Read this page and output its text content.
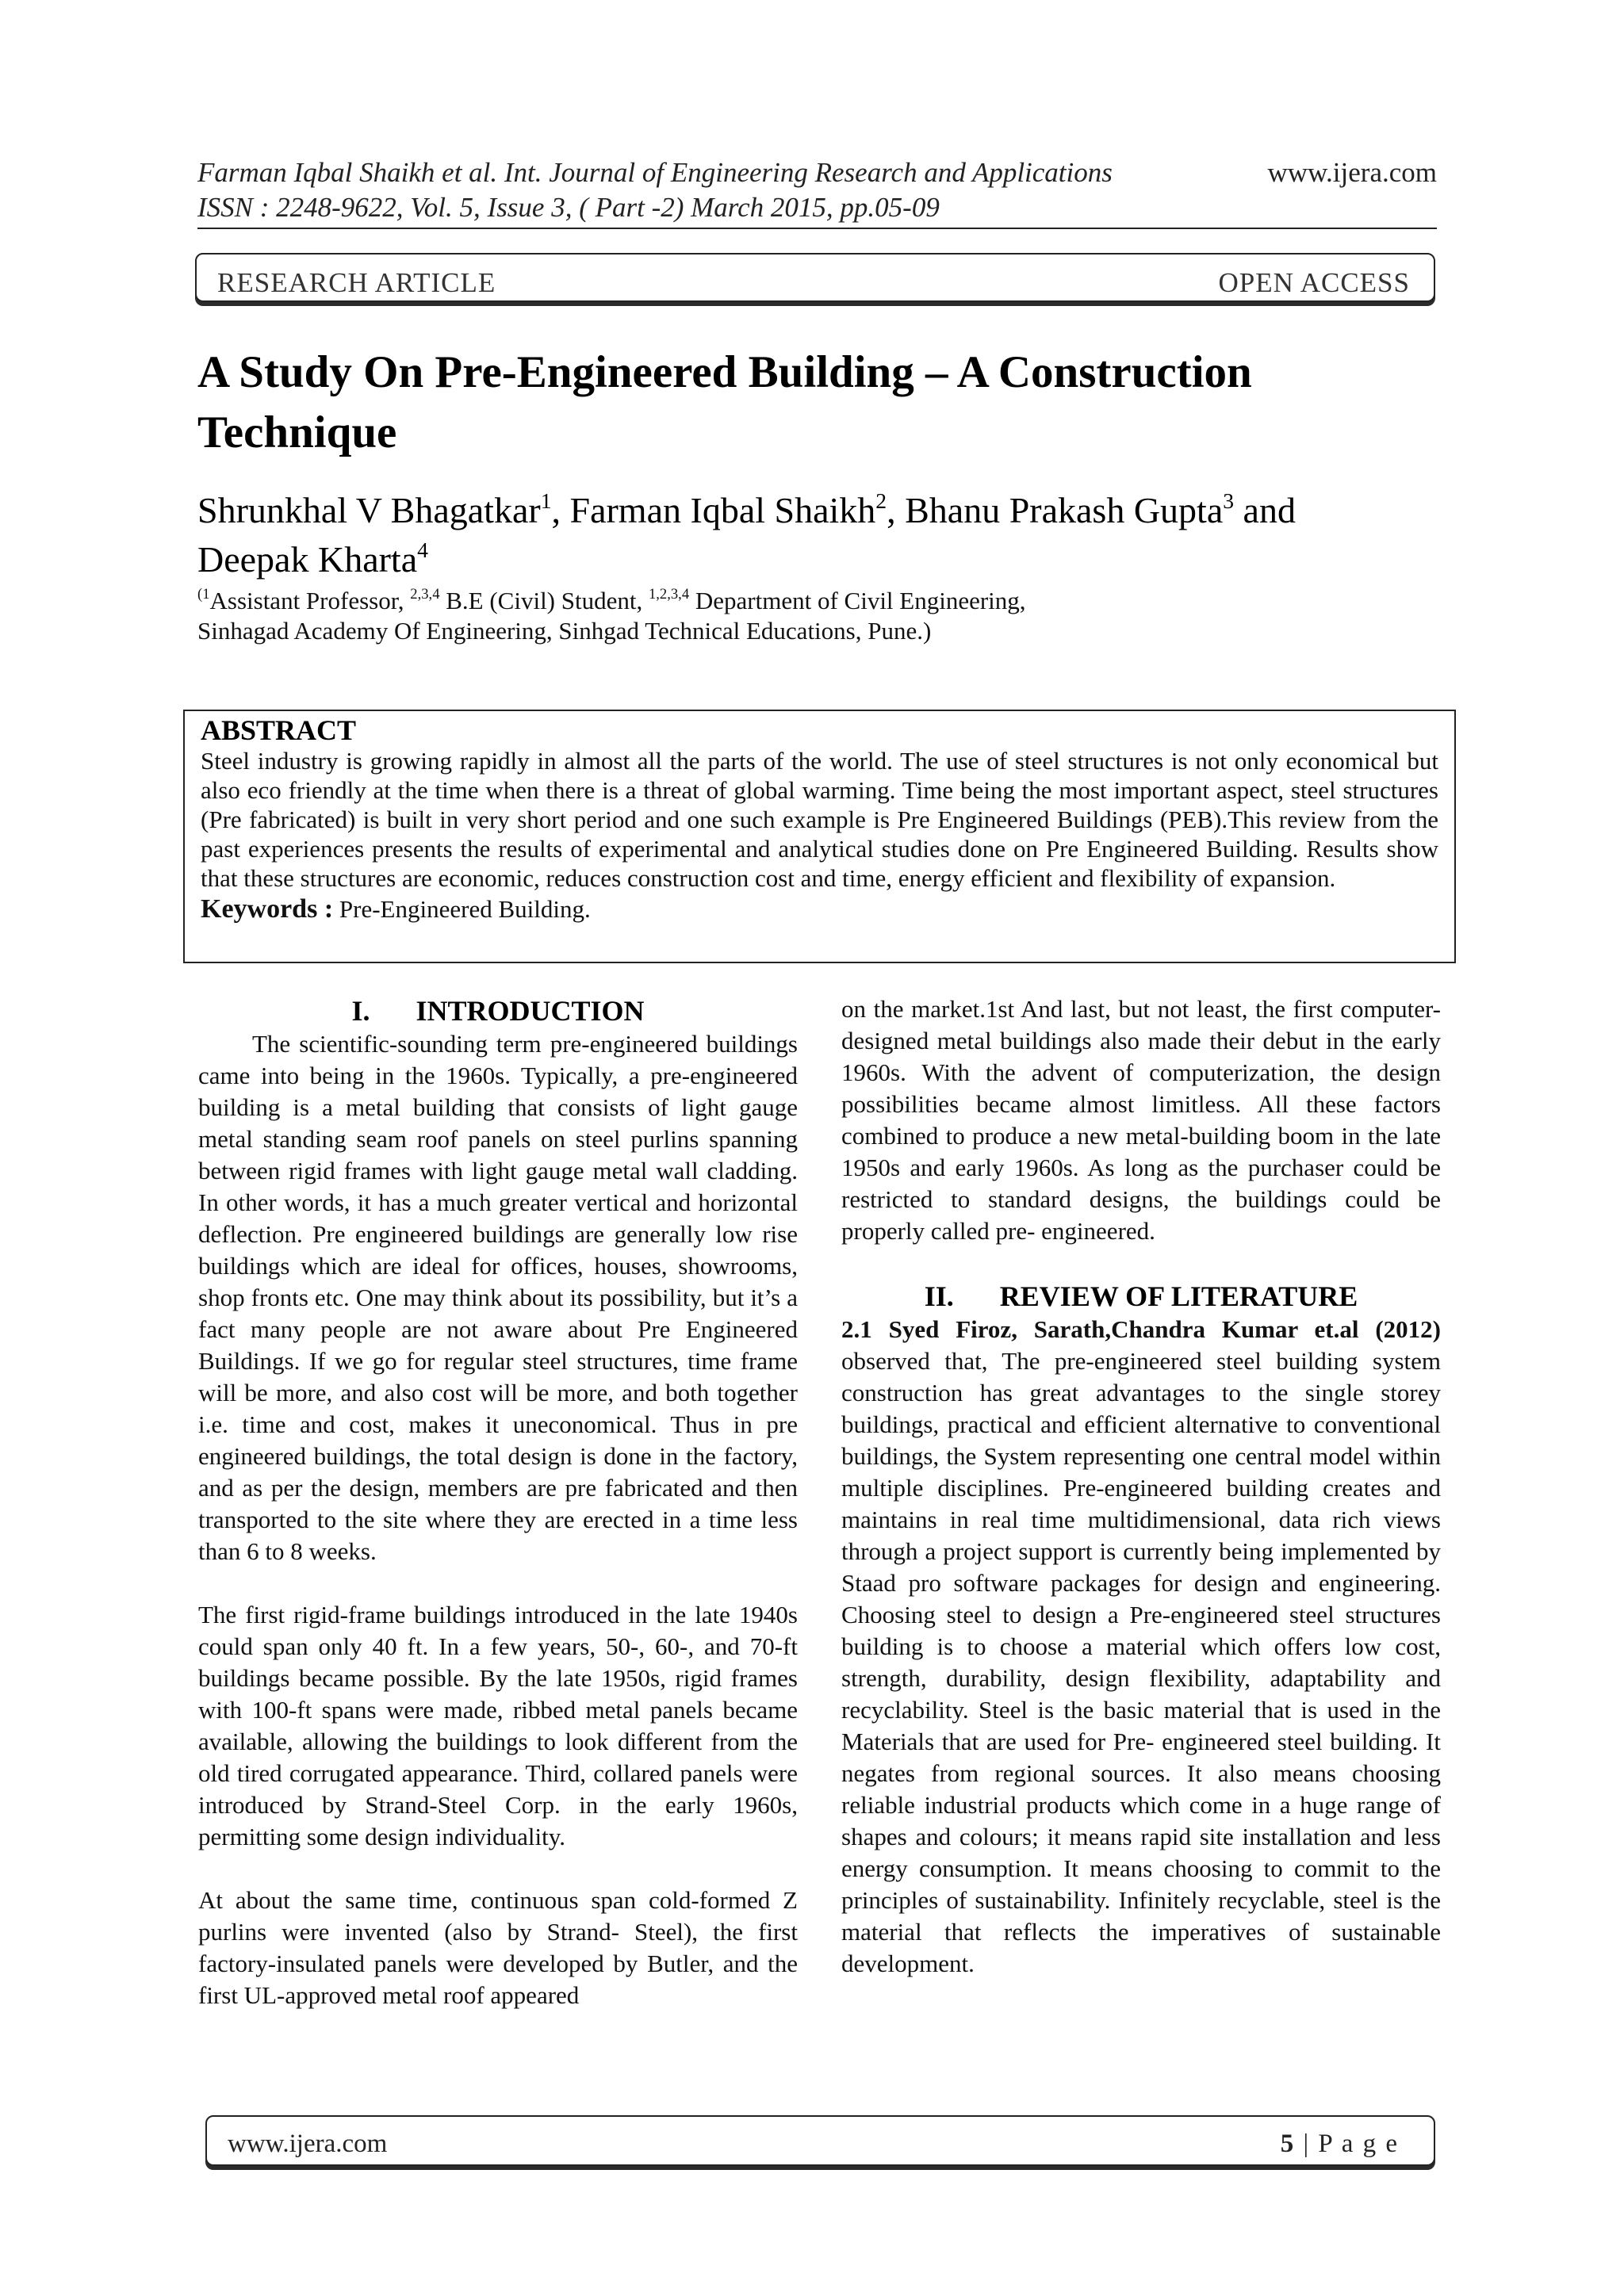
Farman Iqbal Shaikh et al. Int. Journal of Engineering Research and Applications
ISSN : 2248-9622, Vol. 5, Issue 3, ( Part -2) March 2015, pp.05-09
www.ijera.com
RESEARCH ARTICLE	OPEN ACCESS
A Study On Pre-Engineered Building – A Construction Technique
Shrunkhal V Bhagatkar$^1$, Farman Iqbal Shaikh$^2$, Bhanu Prakash Gupta$^3$ and
Deepak Kharta$^4$
$^{(1}$Assistant Professor, $^{2,3,4}$ B.E (Civil) Student, $^{1,2,3,4}$ Department of Civil Engineering,
Sinhagad Academy Of Engineering, Sinhgad Technical Educations, Pune.)
ABSTRACT

Steel industry is growing rapidly in almost all the parts of the world. The use of steel structures is not only economical but also eco friendly at the time when there is a threat of global warming. Time being the most important aspect, steel structures (Pre fabricated) is built in very short period and one such example is Pre Engineered Buildings (PEB).This review from the past experiences presents the results of experimental and analytical studies done on Pre Engineered Building. Results show that these structures are economic, reduces construction cost and time, energy efficient and flexibility of expansion.

Keywords : Pre-Engineered Building.
I. INTRODUCTION

The scientific-sounding term pre-engineered buildings came into being in the 1960s. Typically, a pre-engineered building is a metal building that consists of light gauge metal standing seam roof panels on steel purlins spanning between rigid frames with light gauge metal wall cladding. In other words, it has a much greater vertical and horizontal deflection. Pre engineered buildings are generally low rise buildings which are ideal for offices, houses, showrooms, shop fronts etc. One may think about its possibility, but it’s a fact many people are not aware about Pre Engineered Buildings. If we go for regular steel structures, time frame will be more, and also cost will be more, and both together i.e. time and cost, makes it uneconomical. Thus in pre engineered buildings, the total design is done in the factory, and as per the design, members are pre fabricated and then transported to the site where they are erected in a time less than 6 to 8 weeks.

The first rigid-frame buildings introduced in the late 1940s could span only 40 ft. In a few years, 50-, 60-, and 70-ft buildings became possible. By the late 1950s, rigid frames with 100-ft spans were made, ribbed metal panels became available, allowing the buildings to look different from the old tired corrugated appearance. Third, collared panels were introduced by Strand-Steel Corp. in the early 1960s, permitting some design individuality.

At about the same time, continuous span cold-formed Z purlins were invented (also by Strand- Steel), the first factory-insulated panels were developed by Butler, and the first UL-approved metal roof appeared

on the market.1st And last, but not least, the first computer-designed metal buildings also made their debut in the early 1960s. With the advent of computerization, the design possibilities became almost limitless. All these factors combined to produce a new metal-building boom in the late 1950s and early 1960s. As long as the purchaser could be restricted to standard designs, the buildings could be properly called pre- engineered.

II. REVIEW OF LITERATURE

2.1 Syed Firoz, Sarath,Chandra Kumar et.al (2012) observed that, The pre-engineered steel building system construction has great advantages to the single storey buildings, practical and efficient alternative to conventional buildings, the System representing one central model within multiple disciplines. Pre-engineered building creates and maintains in real time multidimensional, data rich views through a project support is currently being implemented by Staad pro software packages for design and engineering. Choosing steel to design a Pre-engineered steel structures building is to choose a material which offers low cost, strength, durability, design flexibility, adaptability and recyclability. Steel is the basic material that is used in the Materials that are used for Pre- engineered steel building. It negates from regional sources. It also means choosing reliable industrial products which come in a huge range of shapes and colours; it means rapid site installation and less energy consumption. It means choosing to commit to the principles of sustainability. Infinitely recyclable, steel is the material that reflects the imperatives of sustainable development.

www.ijera.com	5 | P a g e
